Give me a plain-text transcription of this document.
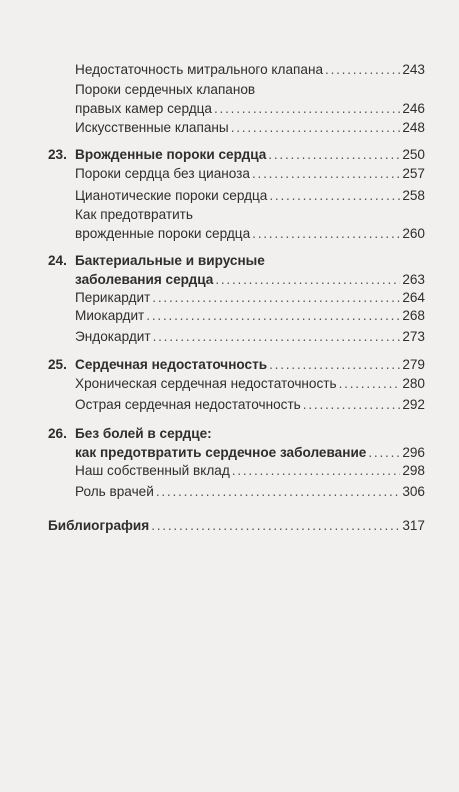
Недостаточность митрального клапана . . .	243
Пороки сердечных клапанов
правых камер сердца . . .	246
Искусственные клапаны . . .	248
23. Врожденные пороки сердца . . .	250
Пороки сердца без цианоза . . .	257
Цианотические пороки сердца . . .	258
Как предотвратить
врожденные пороки сердца . . .	260
24. Бактериальные и вирусные
заболевания сердца . . .	263
Перикардит . . .	264
Миокардит . . .	268
Эндокардит . . .	273
25. Сердечная недостаточность . . .	279
Хроническая сердечная недостаточность . . .	280
Острая сердечная недостаточность . . .	292
26. Без болей в сердце:
как предотвратить сердечное заболевание . . .	296
Наш собственный вклад . . .	298
Роль врачей . . .	306
Библиография . . .	317
